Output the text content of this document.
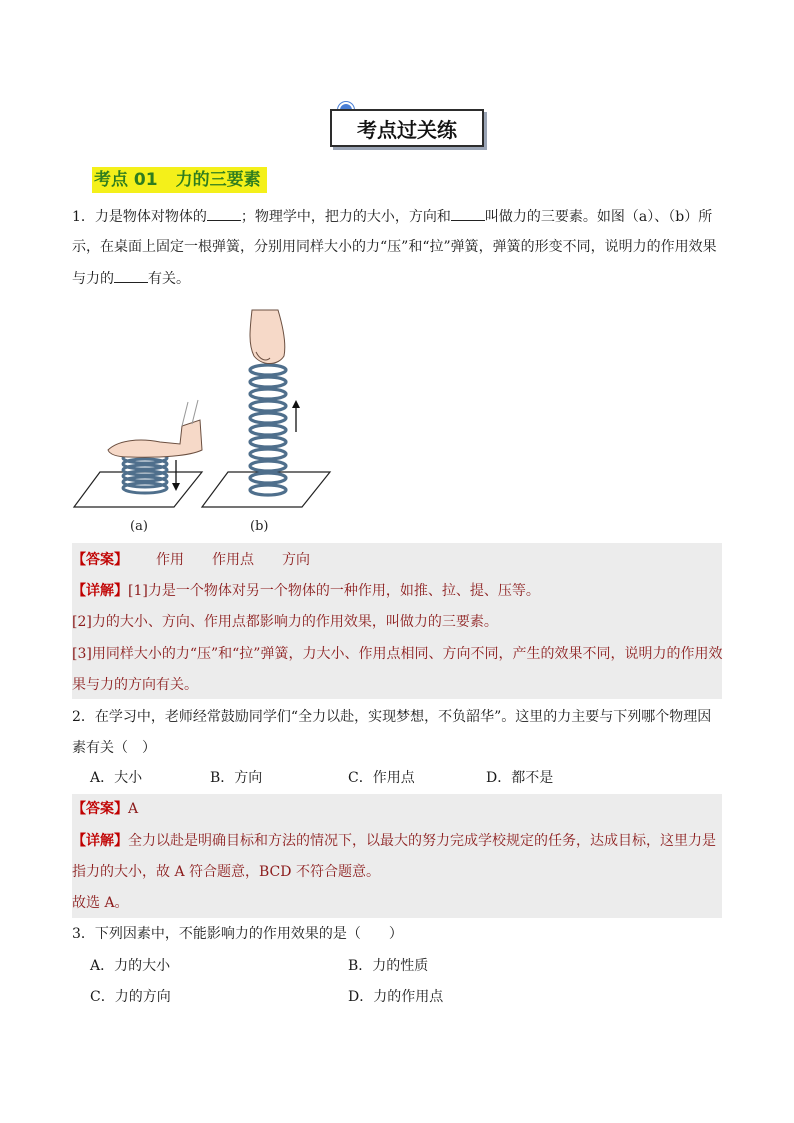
考点过关练
考点 01 力的三要素
1．力是物体对物体的 ；物理学中，把力的大小，方向和 叫做力的三要素。如图（a）、（b）所
示，在桌面上固定一根弹簧，分别用同样大小的力“压”和“拉”弹簧，弹簧的形变不同，说明力的作用效果
与力的 有关。
(a)	(b)
【答案】 作用 作用点 方向
【详解】[1]力是一个物体对另一个物体的一种作用，如推、拉、提、压等。
[2]力的大小、方向、作用点都影响力的作用效果，叫做力的三要素。
[3]用同样大小的力“压”和“拉”弹簧，力大小、作用点相同、方向不同，产生的效果不同，说明力的作用效
果与力的方向有关。
2．在学习中，老师经常鼓励同学们“全力以赴，实现梦想，不负韶华”。这里的力主要与下列哪个物理因
素有关（　）
A．大小	B．方向	C．作用点	D．都不是
【答案】A
【详解】全力以赴是明确目标和方法的情况下，以最大的努力完成学校规定的任务，达成目标，这里力是
指力的大小，故 A 符合题意，BCD 不符合题意。
故选 A。
3．下列因素中，不能影响力的作用效果的是（　　）
A．力的大小	B．力的性质
C．力的方向	D．力的作用点
